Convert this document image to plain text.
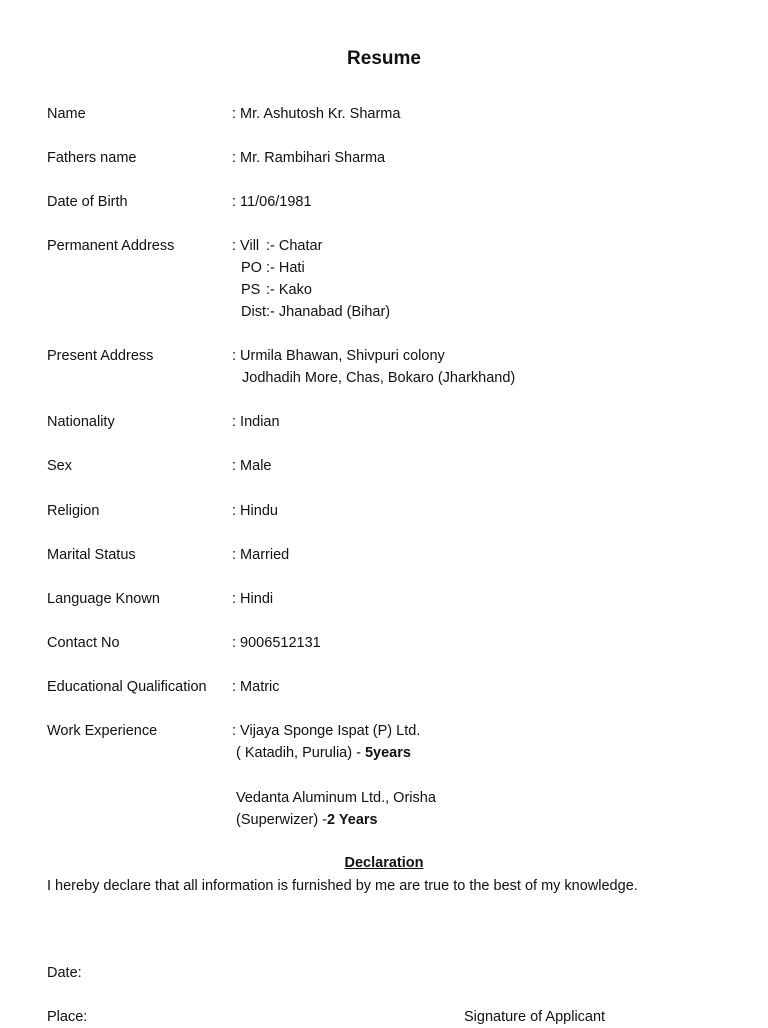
Resume
Name	: Mr. Ashutosh Kr. Sharma
Fathers name	: Mr. Rambihari Sharma
Date of Birth	: 11/06/1981
Permanent Address	: Vill :- Chatar
PO :- Hati
PS :- Kako
Dist:- Jhanabad (Bihar)
Present Address	: Urmila Bhawan, Shivpuri colony
Jodhadih More, Chas, Bokaro (Jharkhand)
Nationality	: Indian
Sex	: Male
Religion	: Hindu
Marital Status	: Married
Language Known	: Hindi
Contact No	: 9006512131
Educational Qualification : Matric
Work Experience	: Vijaya Sponge Ispat (P) Ltd.
( Katadih, Purulia) - 5years
Vedanta Aluminum Ltd., Orisha
(Superwizer) -2 Years
Declaration
I hereby declare that all information is furnished by me are true to the best of my knowledge.
Date:
Place:	Signature of Applicant
